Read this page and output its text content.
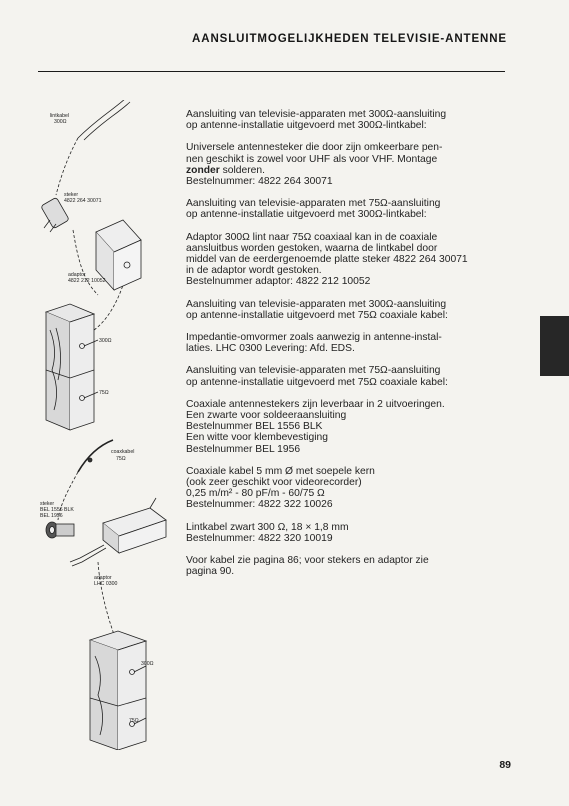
AANSLUITMOGELIJKHEDEN TELEVISIE-ANTENNE
lintkabel
300Ω
steker
4822 264 30071
adaptor
4822 212 10052
300Ω
75Ω
coaxkabel
75Ω
steker
BEL 1556 BLK
BEL 1956
adaptor
LHC 0300
300Ω
75Ω

Aansluiting van televisie-apparaten met 300Ω-aansluiting
op antenne-installatie uitgevoerd met 300Ω-lintkabel:

Universele antennesteker die door zijn omkeerbare pen-
nen geschikt is zowel voor UHF als voor VHF. Montage
zonder solderen.
Bestelnummer: 4822 264 30071

Aansluiting van televisie-apparaten met 75Ω-aansluiting
op antenne-installatie uitgevoerd met 300Ω-lintkabel:

Adaptor 300Ω lint naar 75Ω coaxiaal kan in de coaxiale
aansluitbus worden gestoken, waarna de lintkabel door
middel van de eerdergenoemde platte steker 4822 264 30071
in de adaptor wordt gestoken.
Bestelnummer adaptor: 4822 212 10052

Aansluiting van televisie-apparaten met 300Ω-aansluiting
op antenne-installatie uitgevoerd met 75Ω coaxiale kabel:

Impedantie-omvormer zoals aanwezig in antenne-instal-
laties. LHC 0300 Levering: Afd. EDS.

Aansluiting van televisie-apparaten met 75Ω-aansluiting
op antenne-installatie uitgevoerd met 75Ω coaxiale kabel:

Coaxiale antennestekers zijn leverbaar in 2 uitvoeringen.
Een zwarte voor soldeeraansluiting
Bestelnummer BEL 1556 BLK
Een witte voor klembevestiging
Bestelnummer BEL 1956

Coaxiale kabel 5 mm Ø met soepele kern
(ook zeer geschikt voor videorecorder)
0,25 m/m² - 80 pF/m - 60/75 Ω
Bestelnummer: 4822 322 10026

Lintkabel zwart 300 Ω, 18 × 1,8 mm
Bestelnummer: 4822 320 10019

Voor kabel zie pagina 86; voor stekers en adaptor zie
pagina 90.

89
